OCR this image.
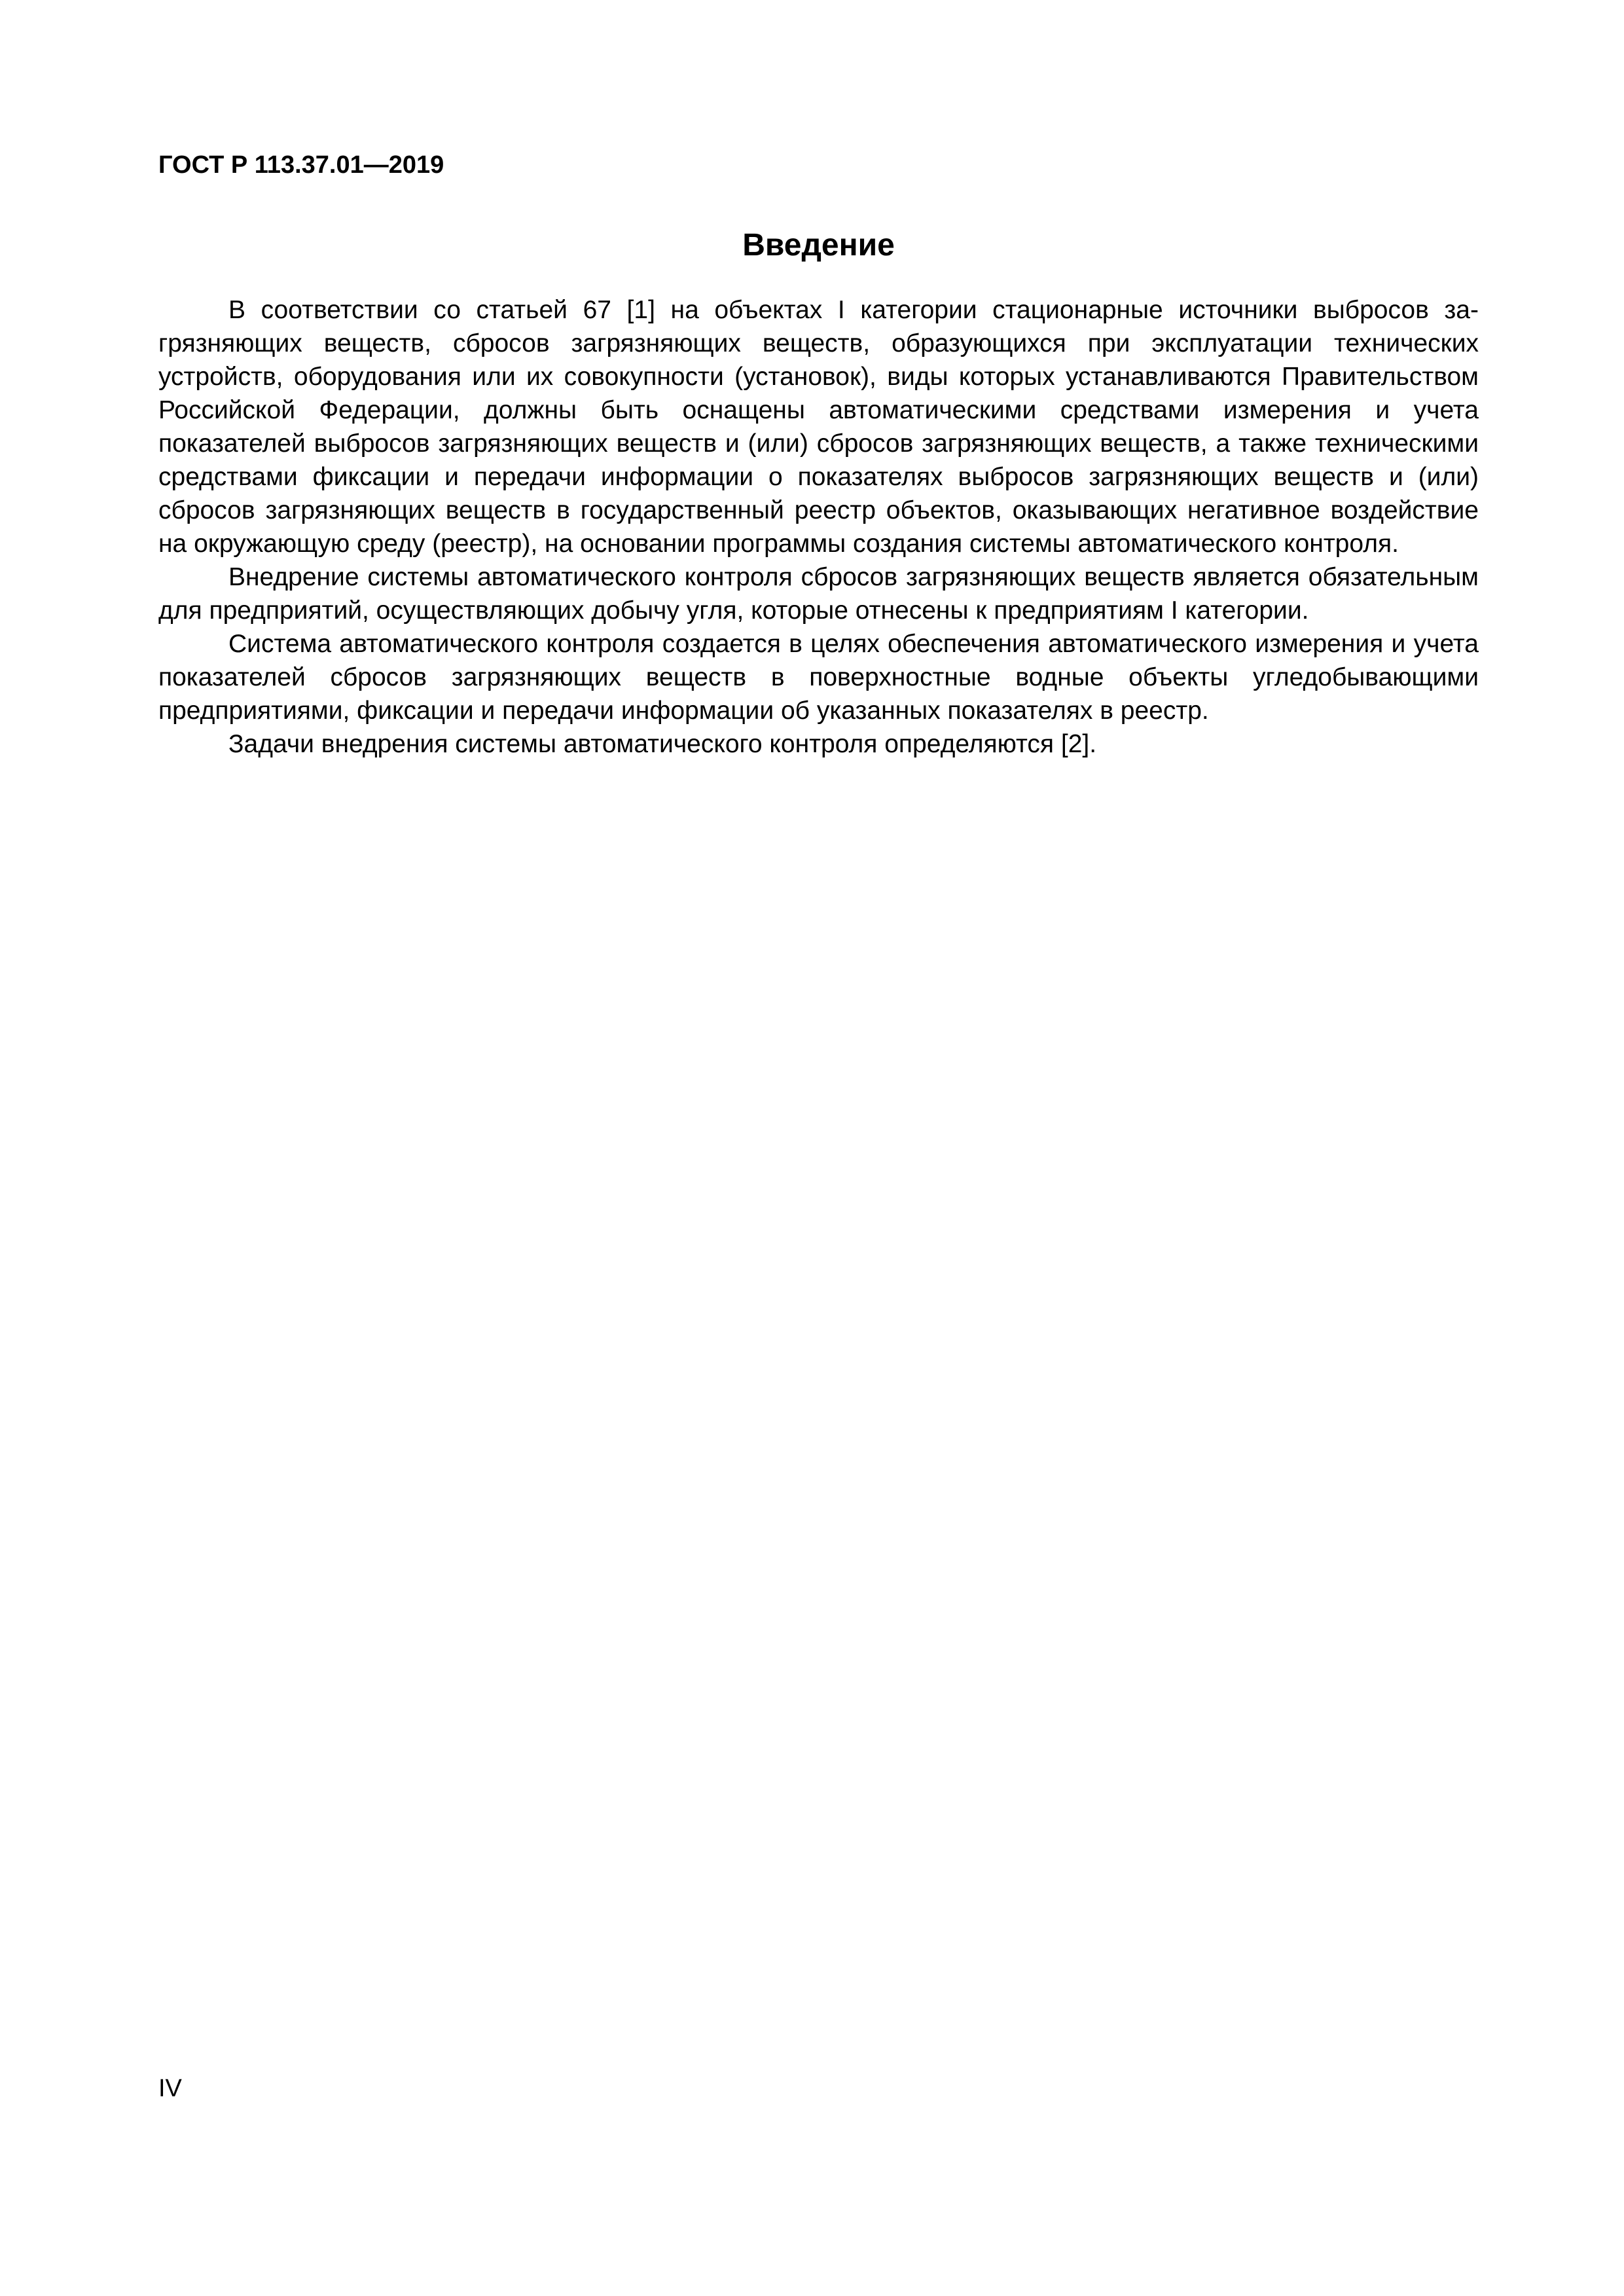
ГОСТ Р 113.37.01—2019

Введение

В соответствии со статьей 67 [1] на объектах I категории стационарные источники выбросов загрязняющих веществ, сбросов загрязняющих веществ, образующихся при эксплуатации технических устройств, оборудования или их совокупности (установок), виды которых устанавливаются Правительством Российской Федерации, должны быть оснащены автоматическими средствами измерения и учета показателей выбросов загрязняющих веществ и (или) сбросов загрязняющих веществ, а также техническими средствами фиксации и передачи информации о показателях выбросов загрязняющих веществ и (или) сбросов загрязняющих веществ в государственный реестр объектов, оказывающих негативное воздействие на окружающую среду (реестр), на основании программы создания системы автоматического контроля.

Внедрение системы автоматического контроля сбросов загрязняющих веществ является обязательным для предприятий, осуществляющих добычу угля, которые отнесены к предприятиям I категории.

Система автоматического контроля создается в целях обеспечения автоматического измерения и учета показателей сбросов загрязняющих веществ в поверхностные водные объекты угледобывающими предприятиями, фиксации и передачи информации об указанных показателях в реестр.

Задачи внедрения системы автоматического контроля определяются [2].

IV
